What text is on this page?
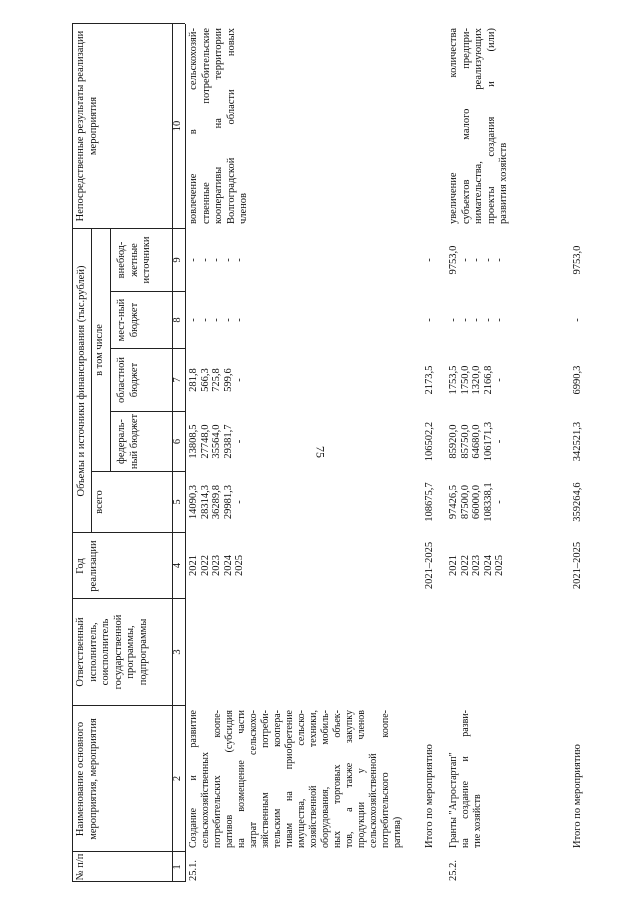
75
№ п/п
Наименование основного мероприятия, мероприятия
Ответственный исполнитель, соисполнитель государственной программы, подпрограммы
Год реализации
Объемы и источники финансирования (тыс.рублей)
всего
в том числе
федераль-ный бюджет
областной бюджет
мест-ный бюджет
внебюд-жетные источники
Непосредственные результаты реализации мероприятия
1
2
3
4
5
6
7
8
9
10
25.1.
Создание и развитие сельскохозяйственных потребительских коопе- ративов (субсидия на возмещение части затрат сельскохо- зяйственным потреби- тельским коопера- тивам на приобретение имущества, сельско- хозяйственной техники, оборудования, мобиль- ных торговых объек- тов, а также закупку продукции у членов сельскохозяйственной потребительского коопе- ратива)
2021 2022 2023 2024 2025
14090,3 28314,3 36289,8 29981,3 -
13808,5 27748,0 35564,0 29381,7 -
281,8 566,3 725,8 599,6 -
- - - - -
- - - - -
вовлечение в сельскохозяй- ственные потребительские кооперативы на территории Волгоградской области новых членов
Итого по мероприятию
2021–2025
108675,7
106502,2
2173,5
-
-
25.2.
Гранты "Агростартап" на создание и разви- тие хозяйств
2021 2022 2023 2024 2025
97426,5 87500,0 66000,0 108338,1 -
85920,0 85750,0 64680,0 106171,3 -
1753,5 1750,0 1320,0 2166,8 -
- - - - -
9753,0 - - - -
увеличение количества субъектов малого предпри- нимательства, реализующих проекты создания и (или) развития хозяйств
Итого по мероприятию
2021–2025
359264,6
342521,3
6990,3
-
9753,0
